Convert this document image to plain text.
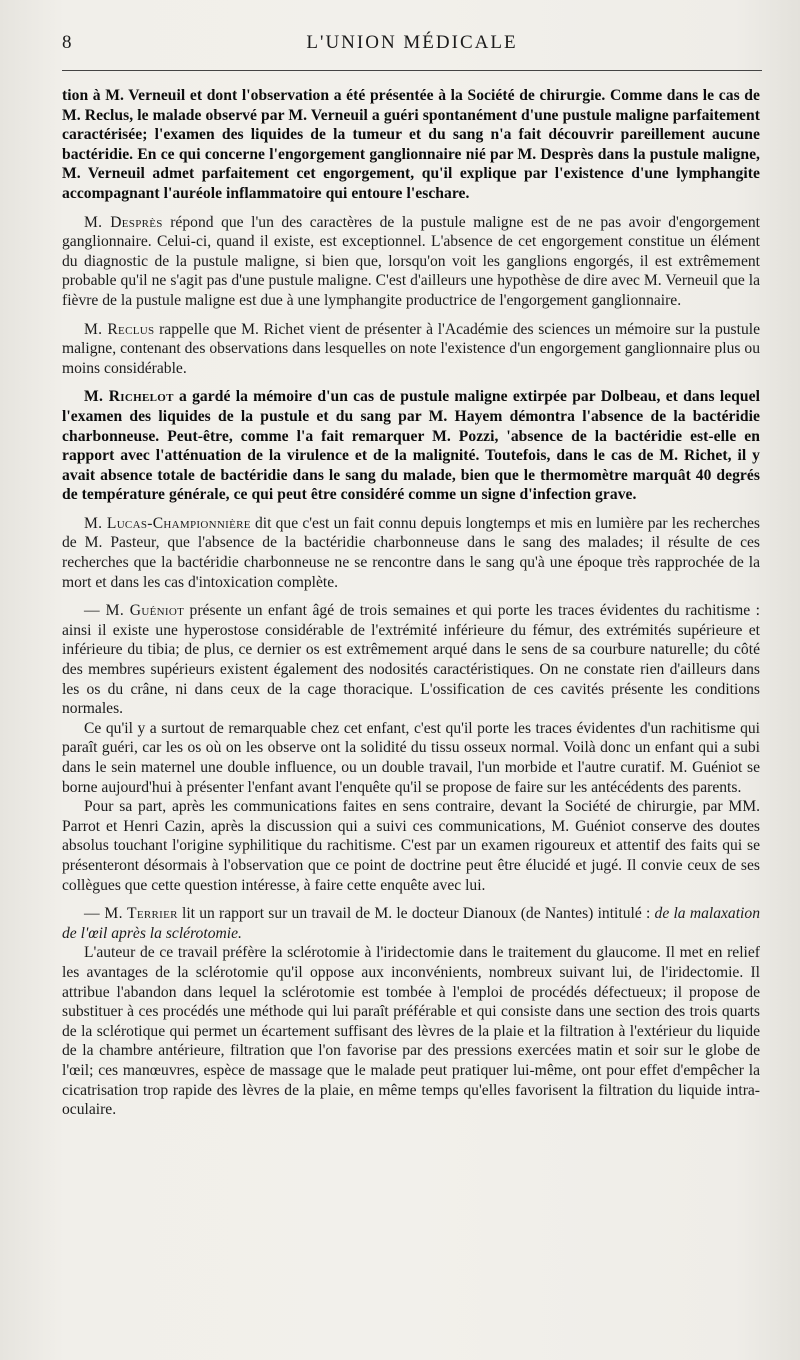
8	L'UNION MÉDICALE

tion à M. Verneuil et dont l'observation a été présentée à la Société de chirurgie. Comme dans le cas de M. Reclus, le malade observé par M. Verneuil a guéri spontanément d'une pustule maligne parfaitement caractérisée; l'examen des liquides de la tumeur et du sang n'a fait découvrir pareillement aucune bactéridie. En ce qui concerne l'engorgement ganglionnaire nié par M. Desprès dans la pustule maligne, M. Verneuil admet parfaitement cet engorgement, qu'il explique par l'existence d'une lymphangite accompagnant l'auréole inflammatoire qui entoure l'eschare.

M. Desprès répond que l'un des caractères de la pustule maligne est de ne pas avoir d'engorgement ganglionnaire. Celui-ci, quand il existe, est exceptionnel. L'absence de cet engorgement constitue un élément du diagnostic de la pustule maligne, si bien que, lorsqu'on voit les ganglions engorgés, il est extrêmement probable qu'il ne s'agit pas d'une pustule maligne. C'est d'ailleurs une hypothèse de dire avec M. Verneuil que la fièvre de la pustule maligne est due à une lymphangite productrice de l'engorgement ganglionnaire.

M. Reclus rappelle que M. Richet vient de présenter à l'Académie des sciences un mémoire sur la pustule maligne, contenant des observations dans lesquelles on note l'existence d'un engorgement ganglionnaire plus ou moins considérable.

M. Richelot a gardé la mémoire d'un cas de pustule maligne extirpée par Dolbeau, et dans lequel l'examen des liquides de la pustule et du sang par M. Hayem démontra l'absence de la bactéridie charbonneuse. Peut-être, comme l'a fait remarquer M. Pozzi, 'absence de la bactéridie est-elle en rapport avec l'atténuation de la virulence et de la malignité. Toutefois, dans le cas de M. Richet, il y avait absence totale de bactéridie dans le sang du malade, bien que le thermomètre marquât 40 degrés de température générale, ce qui peut être considéré comme un signe d'infection grave.

M. Lucas-Championnière dit que c'est un fait connu depuis longtemps et mis en lumière par les recherches de M. Pasteur, que l'absence de la bactéridie charbonneuse dans le sang des malades; il résulte de ces recherches que la bactéridie charbonneuse ne se rencontre dans le sang qu'à une époque très rapprochée de la mort et dans les cas d'intoxication complète.

— M. Guéniot présente un enfant âgé de trois semaines et qui porte les traces évidentes du rachitisme : ainsi il existe une hyperostose considérable de l'extrémité inférieure du fémur, des extrémités supérieure et inférieure du tibia; de plus, ce dernier os est extrêmement arqué dans le sens de sa courbure naturelle; du côté des membres supérieurs existent également des nodosités caractéristiques. On ne constate rien d'ailleurs dans les os du crâne, ni dans ceux de la cage thoracique. L'ossification de ces cavités présente les conditions normales.

Ce qu'il y a surtout de remarquable chez cet enfant, c'est qu'il porte les traces évidentes d'un rachitisme qui paraît guéri, car les os où on les observe ont la solidité du tissu osseux normal. Voilà donc un enfant qui a subi dans le sein maternel une double influence, ou un double travail, l'un morbide et l'autre curatif. M. Guéniot se borne aujourd'hui à présenter l'enfant avant l'enquête qu'il se propose de faire sur les antécédents des parents.

Pour sa part, après les communications faites en sens contraire, devant la Société de chirurgie, par MM. Parrot et Henri Cazin, après la discussion qui a suivi ces communications, M. Guéniot conserve des doutes absolus touchant l'origine syphilitique du rachitisme. C'est par un examen rigoureux et attentif des faits qui se présenteront désormais à l'observation que ce point de doctrine peut être élucidé et jugé. Il convie ceux de ses collègues que cette question intéresse, à faire cette enquête avec lui.

— M. Terrier lit un rapport sur un travail de M. le docteur Dianoux (de Nantes) intitulé : de la malaxation de l'œil après la sclérotomie.

L'auteur de ce travail préfère la sclérotomie à l'iridectomie dans le traitement du glaucome. Il met en relief les avantages de la sclérotomie qu'il oppose aux inconvénients, nombreux suivant lui, de l'iridectomie. Il attribue l'abandon dans lequel la sclérotomie est tombée à l'emploi de procédés défectueux; il propose de substituer à ces procédés une méthode qui lui paraît préférable et qui consiste dans une section des trois quarts de la sclérotique qui permet un écartement suffisant des lèvres de la plaie et la filtration à l'extérieur du liquide de la chambre antérieure, filtration que l'on favorise par des pressions exercées matin et soir sur le globe de l'œil; ces manœuvres, espèce de massage que le malade peut pratiquer lui-même, ont pour effet d'empêcher la cicatrisation trop rapide des lèvres de la plaie, en même temps qu'elles favorisent la filtration du liquide intra-oculaire.
